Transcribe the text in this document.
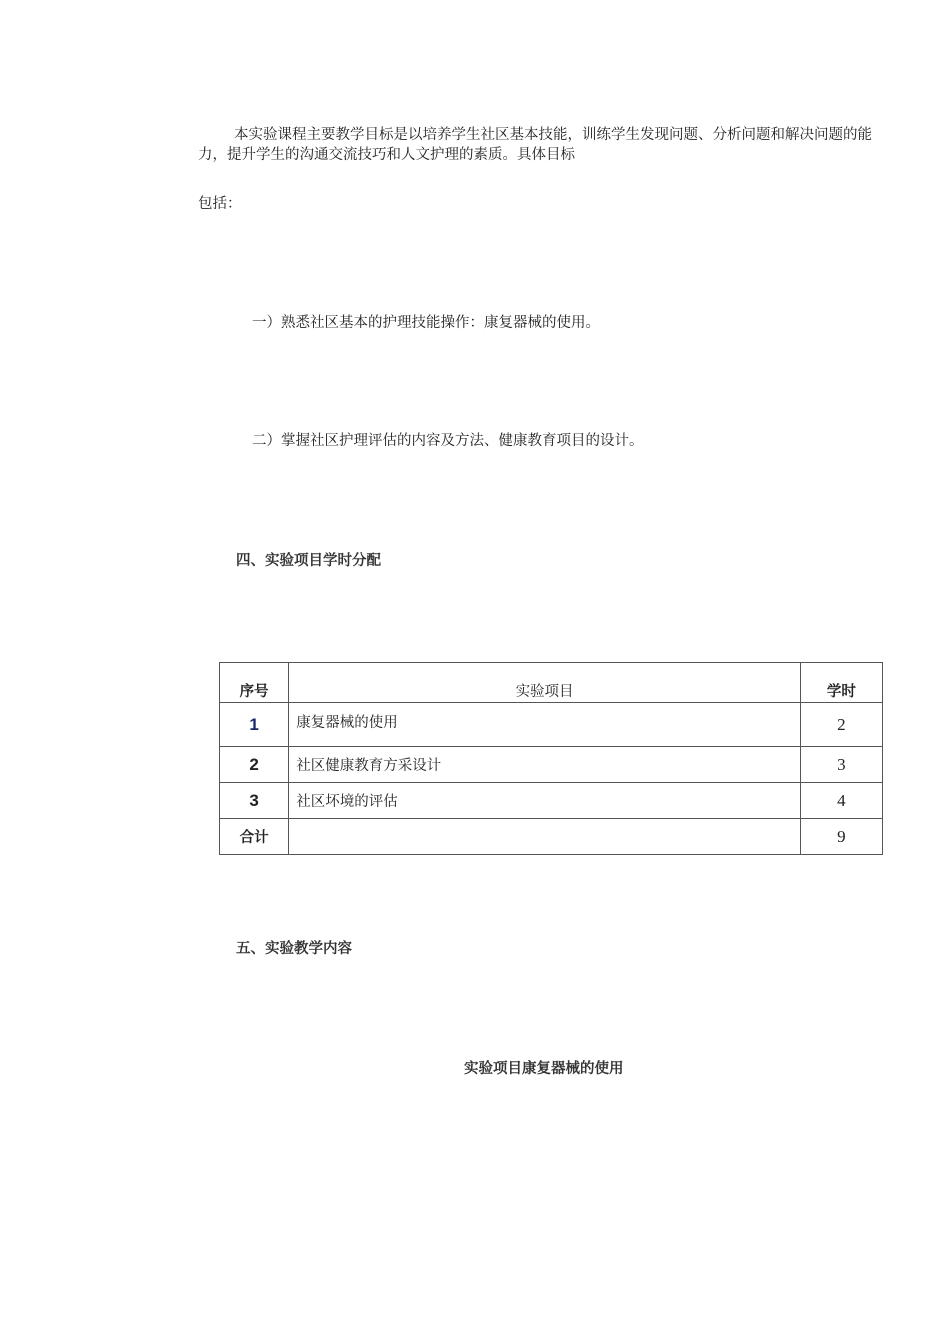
本实验课程主要教学目标是以培养学生社区基本技能，训练学生发现问题、分析问题和解决问题的能力，提升学生的沟通交流技巧和人文护理的素质。具体目标
包括：
一）熟悉社区基本的护理技能操作：康复器械的使用。
二）掌握社区护理评估的内容及方法、健康教育项目的设计。
四、实验项目学时分配
序号	实验项目	学时
1	康复器械的使用	2
2	社区健康教育方采设计	3
3	社区坏境的评估	4
合计		9
五、实验教学内容
实验项目康复器械的使用
